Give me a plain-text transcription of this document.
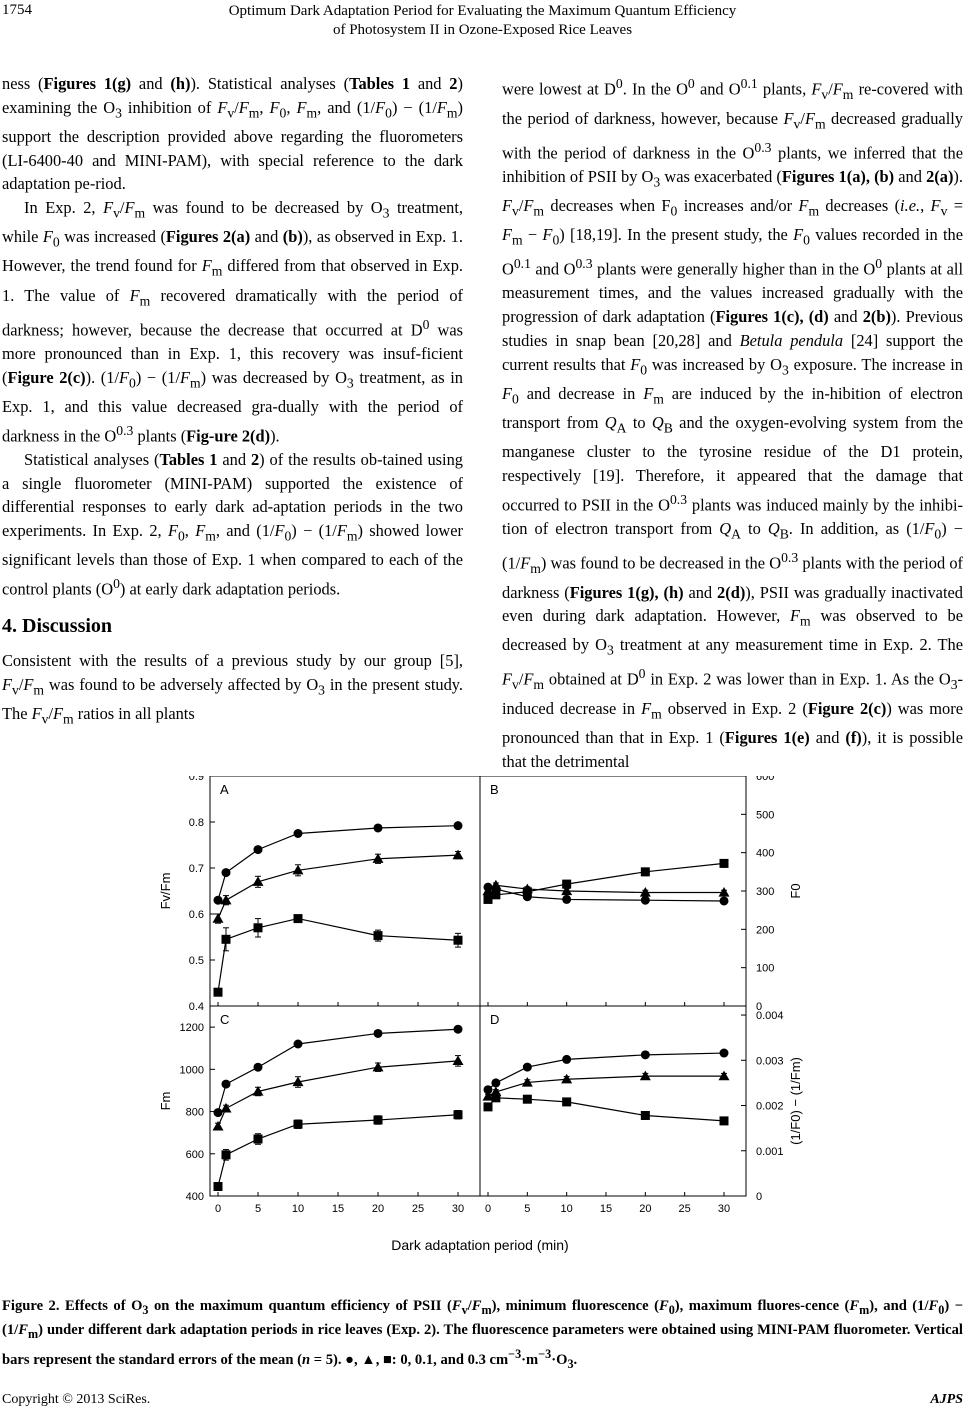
1754	Optimum Dark Adaptation Period for Evaluating the Maximum Quantum Efficiency
of Photosystem II in Ozone-Exposed Rice Leaves

ness (Figures 1(g) and (h)). Statistical analyses (Tables 1 and 2) examining the $O_3$ inhibition of $F_v/F_m$, $F_0$, $F_m$, and $(1/F_0) - (1/F_m)$ support the description provided above regarding the fluorometers (LI-6400-40 and MINI-PAM), with special reference to the dark adaptation pe-riod.

In Exp. 2, $F_v/F_m$ was found to be decreased by $O_3$ treatment, while $F_0$ was increased (Figures 2(a) and (b)), as observed in Exp. 1. However, the trend found for $F_m$ differed from that observed in Exp. 1. The value of $F_m$ recovered dramatically with the period of darkness; however, because the decrease that occurred at $D^0$ was more pronounced than in Exp. 1, this recovery was insuf-ficient (Figure 2(c)). $(1/F_0) - (1/F_m)$ was decreased by $O_3$ treatment, as in Exp. 1, and this value decreased gra-dually with the period of darkness in the $O^{0.3}$ plants (Fig-ure 2(d)).

Statistical analyses (Tables 1 and 2) of the results ob-tained using a single fluorometer (MINI-PAM) supported the existence of differential responses to early dark ad-aptation periods in the two experiments. In Exp. 2, $F_0$, $F_m$, and $(1/F_0) - (1/F_m)$ showed lower significant levels than those of Exp. 1 when compared to each of the control plants $(O^0)$ at early dark adaptation periods.

4. Discussion

Consistent with the results of a previous study by our group [5], $F_v/F_m$ was found to be adversely affected by $O_3$ in the present study. The $F_v/F_m$ ratios in all plants

were lowest at $D^0$. In the $O^0$ and $O^{0.1}$ plants, $F_v/F_m$ re-covered with the period of darkness, however, because $F_v/F_m$ decreased gradually with the period of darkness in the $O^{0.3}$ plants, we inferred that the inhibition of PSII by $O_3$ was exacerbated (Figures 1(a), (b) and 2(a)). $F_v/F_m$ decreases when $F_0$ increases and/or $F_m$ decreases (i.e., $F_v = F_m - F_0$) [18,19]. In the present study, the $F_0$ values recorded in the $O^{0.1}$ and $O^{0.3}$ plants were generally higher than in the $O^0$ plants at all measurement times, and the values increased gradually with the progression of dark adaptation (Figures 1(c), (d) and 2(b)). Previous studies in snap bean [20,28] and Betula pendula [24] support the current results that $F_0$ was increased by $O_3$ exposure. The increase in $F_0$ and decrease in $F_m$ are induced by the in-hibition of electron transport from $Q_A$ to $Q_B$ and the oxygen-evolving system from the manganese cluster to the tyrosine residue of the D1 protein, respectively [19]. Therefore, it appeared that the damage that occurred to PSII in the $O^{0.3}$ plants was induced mainly by the inhibi-tion of electron transport from $Q_A$ to $Q_B$. In addition, as $(1/F_0) - (1/F_m)$ was found to be decreased in the $O^{0.3}$ plants with the period of darkness (Figures 1(g), (h) and 2(d)), PSII was gradually inactivated even during dark adaptation. However, $F_m$ was observed to be decreased by $O_3$ treatment at any measurement time in Exp. 2. The $F_v/F_m$ obtained at $D^0$ in Exp. 2 was lower than in Exp. 1. As the $O_3$-induced decrease in $F_m$ observed in Exp. 2 (Figure 2(c)) was more pronounced than that in Exp. 1 (Figures 1(e) and (f)), it is possible that the detrimental

A
0.4
0.5
0.6
0.7
0.8
0.9
B
0
100
200
300
400
500
600
C
400
600
800
1000
1200
0	5	10	15	20	25	30
D
0
0.001
0.002
0.003
0.004
0	5	10 15 20 25 30
Fv/Fm
Fm
F0
(1/F0) − (1/Fm)
Dark adaptation period (min)
Figure 2. Effects of $O_3$ on the maximum quantum efficiency of PSII $(F_v/F_m)$, minimum fluorescence $(F_0)$, maximum fluores-cence $(F_m)$, and $(1/F_0) - (1/F_m)$ under different dark adaptation periods in rice leaves (Exp. 2). The fluorescence parameters were obtained using MINI-PAM fluorometer. Vertical bars represent the standard errors of the mean (n = 5). ●, ▲, ■: 0, 0.1, and 0.3 $cm^{-3}\cdot m^{-3}\cdot O_3$.
Copyright © 2013 SciRes.	AJPS
